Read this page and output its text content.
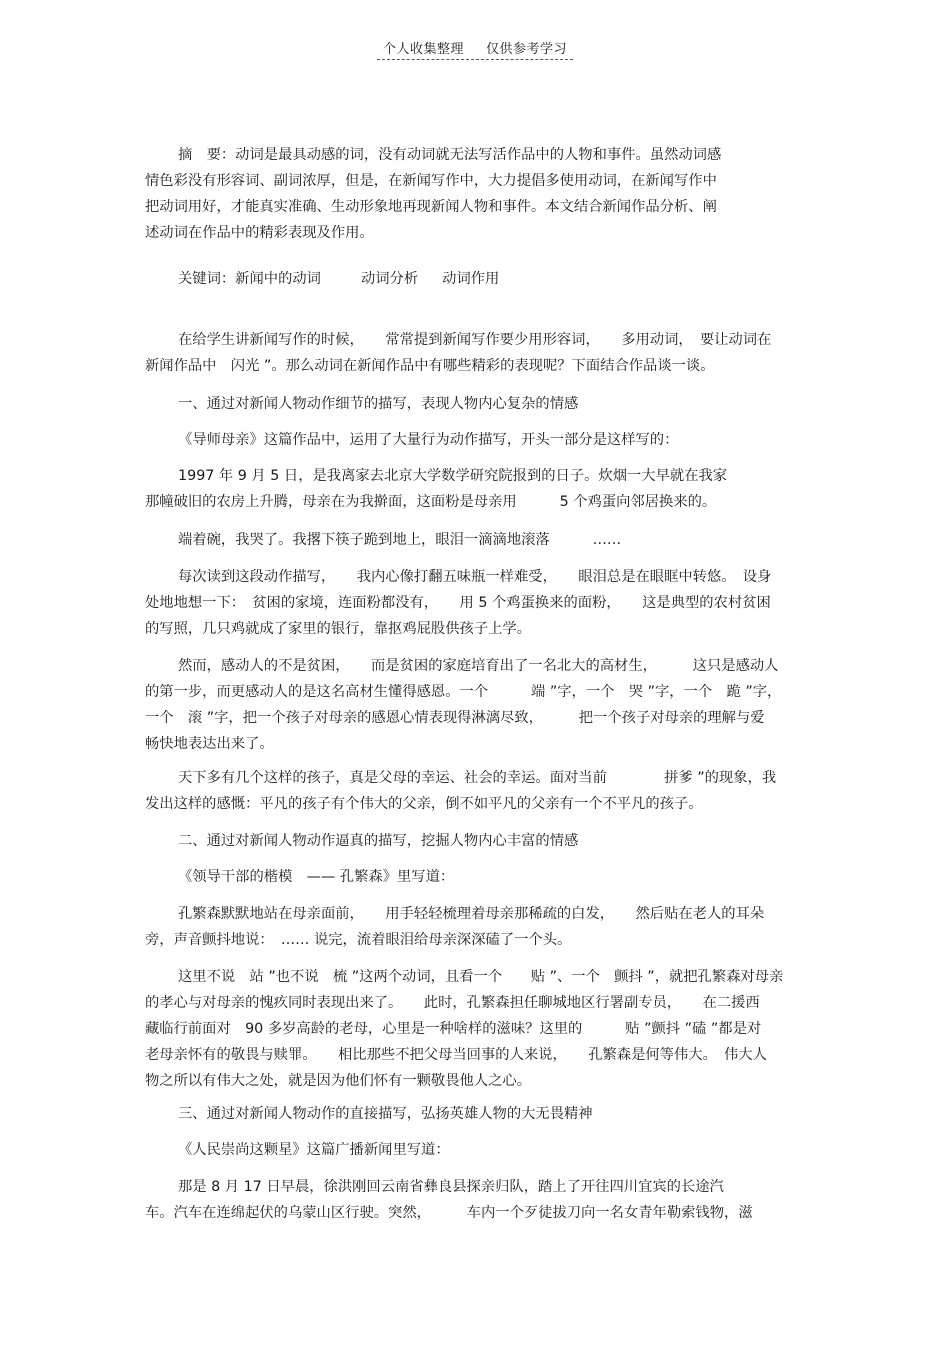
个人收集整理 仅供参考学习
摘　要：动词是最具动感的词，没有动词就无法写活作品中的人物和事件。虽然动词感
情色彩没有形容词、副词浓厚，但是，在新闻写作中，大力提倡多使用动词，在新闻写作中
把动词用好，才能真实准确、生动形象地再现新闻人物和事件。本文结合新闻作品分析、阐
述动词在作品中的精彩表现及作用。
关键词：新闻中的动词	动词分析 动词作用
在给学生讲新闻写作的时候，　　常常提到新闻写作要少用形容词，　　多用动词，　要让动词在
新闻作品中　闪光 ”。那么动词在新闻作品中有哪些精彩的表现呢？下面结合作品谈一谈。
一、通过对新闻人物动作细节的描写，表现人物内心复杂的情感
《导师母亲》这篇作品中，运用了大量行为动作描写，开头一部分是这样写的：
1997 年 9 月 5 日，是我离家去北京大学数学研究院报到的日子。炊烟一大早就在我家
那幢破旧的农房上升腾，母亲在为我擀面，这面粉是母亲用　　　5 个鸡蛋向邻居换来的。
端着碗，我哭了。我撂下筷子跪到地上，眼泪一滴滴地滚落　　　……
每次读到这段动作描写，　　我内心像打翻五味瓶一样难受，　　眼泪总是在眼眶中转悠。　设身
处地地想一下：　贫困的家境，连面粉都没有，　　用 5 个鸡蛋换来的面粉，　　这是典型的农村贫困
的写照，几只鸡就成了家里的银行，靠抠鸡屁股供孩子上学。
然而，感动人的不是贫困，　　而是贫困的家庭培育出了一名北大的高材生，　　　这只是感动人
的第一步，而更感动人的是这名高材生懂得感恩。一个　　　端 ”字，一个　哭 ”字，一个　跪 ”字，
一个　滚 ”字，把一个孩子对母亲的感恩心情表现得淋漓尽致，　　　把一个孩子对母亲的理解与爱
畅快地表达出来了。
天下多有几个这样的孩子，真是父母的幸运、社会的幸运。面对当前　　　　拼爹 ”的现象，我
发出这样的感慨：平凡的孩子有个伟大的父亲，倒不如平凡的父亲有一个不平凡的孩子。
二、通过对新闻人物动作逼真的描写，挖掘人物内心丰富的情感
《领导干部的楷模　—— 孔繁森》里写道：
孔繁森默默地站在母亲面前，　　用手轻轻梳理着母亲那稀疏的白发，　　然后贴在老人的耳朵
旁，声音颤抖地说：　…… 说完，流着眼泪给母亲深深磕了一个头。
这里不说　站 ”也不说　梳 ”这两个动词，且看一个　　贴 ”、一个　颤抖 ”，就把孔繁森对母亲
的孝心与对母亲的愧疚同时表现出来了。　　此时，孔繁森担任聊城地区行署副专员，　　在二援西
藏临行前面对　90 多岁高龄的老母，心里是一种啥样的滋味？这里的　　　贴 ”颤抖 ”磕 ”都是对
老母亲怀有的敬畏与赎罪。　　相比那些不把父母当回事的人来说，　　孔繁森是何等伟大。　伟大人
物之所以有伟大之处，就是因为他们怀有一颗敬畏他人之心。
三、通过对新闻人物动作的直接描写，弘扬英雄人物的大无畏精神
《人民崇尚这颗星》这篇广播新闻里写道：
那是 8 月 17 日早晨，徐洪刚回云南省彝良县探亲归队，踏上了开往四川宜宾的长途汽
车。汽车在连绵起伏的乌蒙山区行驶。突然，　　　车内一个歹徒拔刀向一名女青年勒索钱物，滋
